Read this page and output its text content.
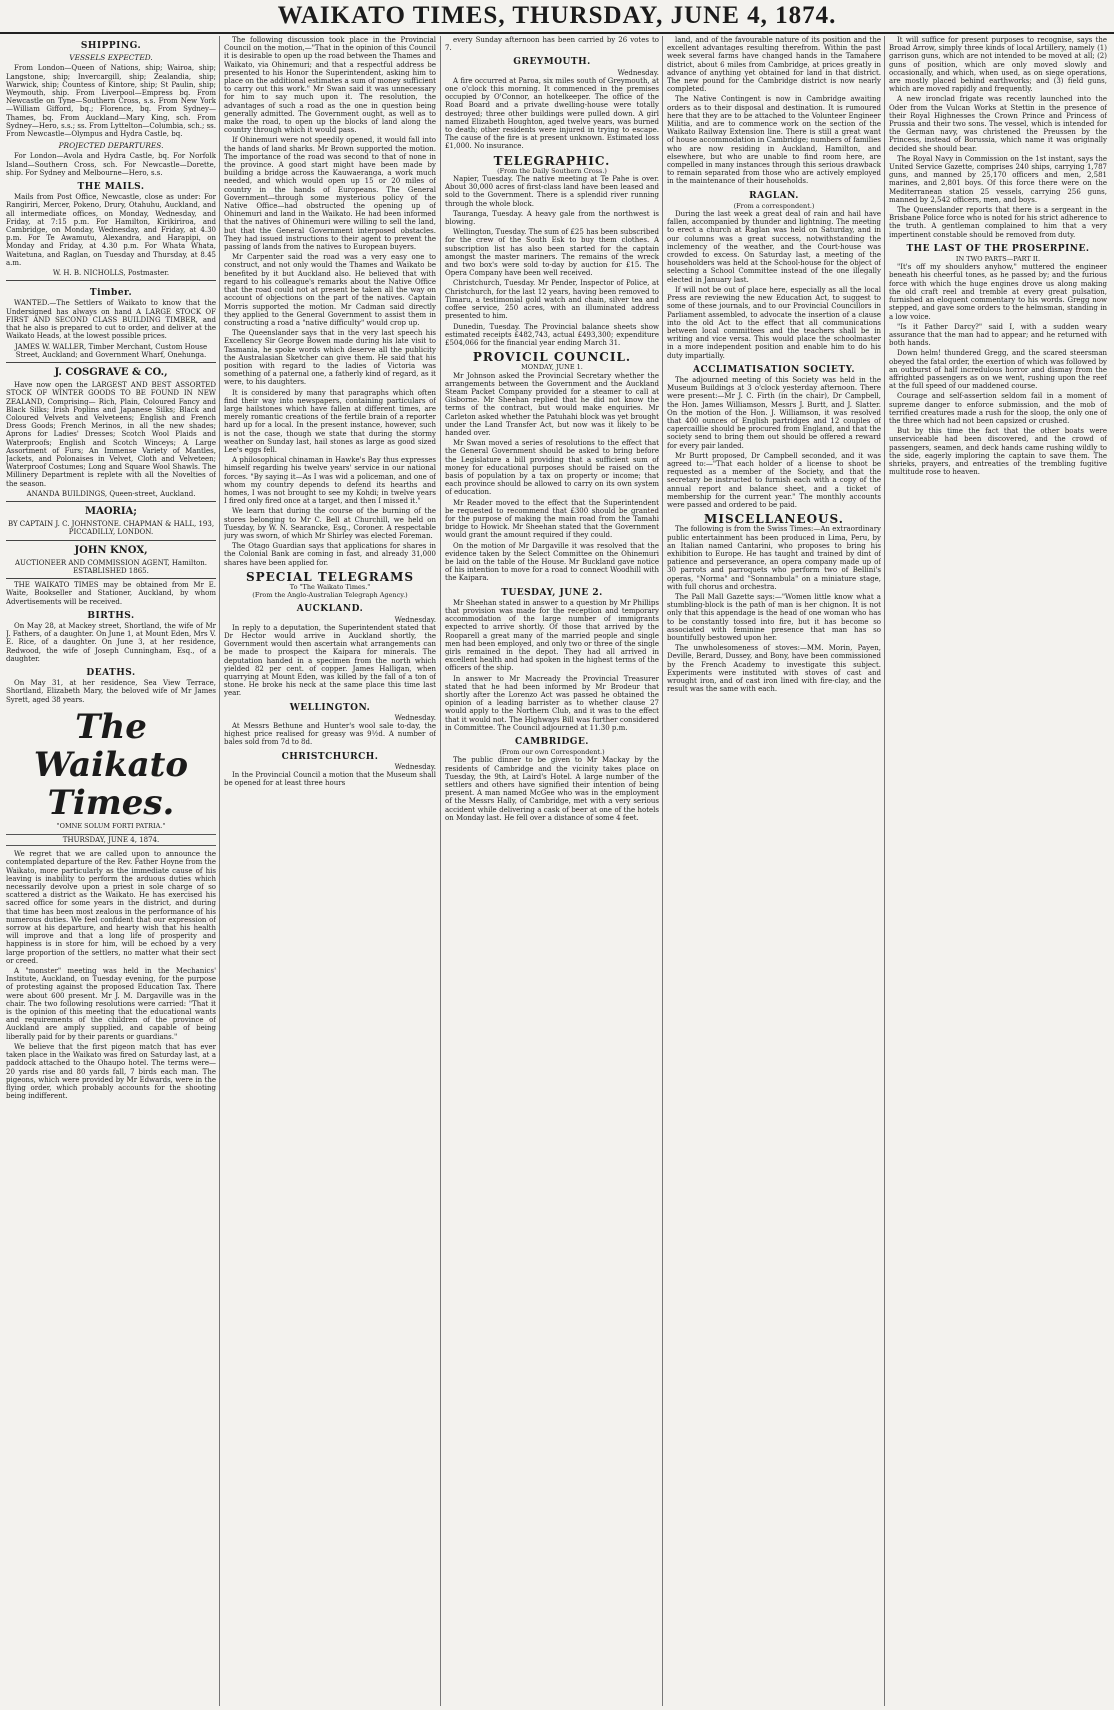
WAIKATO TIMES, THURSDAY, JUNE 4, 1874.
SHIPPING.
VESSELS EXPECTED.

From London—Queen of Nations, ship; Wairoa, ship; Langstone, ship; Invercargill, ship; Zealandia, ship; Warwick, ship; Countess of Kintore, ship; St Paulin, ship; Weymouth, ship. From Liverpool—Empress bq. From Newcastle on Tyne—Southern Cross, s.s. From New York—William Gifford, bq.; Florence, bq. From Sydney—Thames, bq. From Auckland—Mary King, sch. From Sydney—Hero, s.s.; ss. From Lyttelton—Columbia, sch.; ss. From Newcastle—Olympus and Hydra Castle, bq.

PROJECTED DEPARTURES.

For London—Avola and Hydra Castle, bq. For Norfolk Island—Southern Cross, sch. For Newcastle—Dorette, ship. For Sydney and Melbourne—Hero, s.s.

THE MAILS.

Mails from Post Office, Newcastle, close as under: For Rangiriri, Mercer, Pokeno, Drury, Otahuhu, Auckland, and all intermediate offices, on Monday, Wednesday, and Friday, at 7:15 p.m. For Hamilton, Kirikiriroa, and Cambridge, on Monday, Wednesday, and Friday, at 4.30 p.m. For Te Awamutu, Alexandra, and Harapipi, on Monday and Friday, at 4.30 p.m. For Whata Whata, Waitetuna, and Raglan, on Tuesday and Thursday, at 8.45 a.m.

W. H. B. NICHOLLS, Postmaster.

Timber.

WANTED.—The Settlers of Waikato to know that the Undersigned has always on hand A LARGE STOCK OF FIRST AND SECOND CLASS BUILDING TIMBER, and that he also is prepared to cut to order, and deliver at the Waikato Heads, at the lowest possible prices.

JAMES W. WALLER, Timber Merchant, Custom House Street, Auckland; and Government Wharf, Onehunga.

J. COSGRAVE & CO.,

Have now open the LARGEST AND BEST ASSORTED STOCK OF WINTER GOODS TO BE FOUND IN NEW ZEALAND, Comprising— Rich, Plain, Coloured Fancy and Black Silks; Irish Poplins and Japanese Silks; Black and Coloured Velvets and Velveteens; English and French Dress Goods; French Merinos, in all the new shades; Aprons for Ladies' Dresses; Scotch Wool Plaids and Waterproofs; English and Scotch Winceys; A Large Assortment of Furs; An Immense Variety of Mantles, Jackets, and Polonaises in Velvet, Cloth and Velveteen; Waterproof Costumes; Long and Square Wool Shawls. The Millinery Department is replete with all the Novelties of the season.

ANANDA BUILDINGS, Queen-street, Auckland.

MAORIA;

BY CAPTAIN J. C. JOHNSTONE. CHAPMAN & HALL, 193, PICCADILLY, LONDON.

JOHN KNOX,

AUCTIONEER AND COMMISSION AGENT, Hamilton. ESTABLISHED 1865.

THE WAIKATO TIMES may be obtained from Mr E. Waite, Bookseller and Stationer, Auckland, by whom Advertisements will be received.

BIRTHS.

On May 28, at Mackey street, Shortland, the wife of Mr J. Fathers, of a daughter. On June 1, at Mount Eden, Mrs V. E. Rice, of a daughter. On June 3, at her residence, Redwood, the wife of Joseph Cunningham, Esq., of a daughter.

DEATHS.

On May 31, at her residence, Sea View Terrace, Shortland, Elizabeth Mary, the beloved wife of Mr James Syrett, aged 38 years.

The Waikato Times.
"OMNE SOLUM FORTI PATRIA."
THURSDAY, JUNE 4, 1874.

We regret that we are called upon to announce the contemplated departure of the Rev. Father Hoyne from the Waikato, more particularly as the immediate cause of his leaving is inability to perform the arduous duties which necessarily devolve upon a priest in sole charge of so scattered a district as the Waikato. He has exercised his sacred office for some years in the district, and during that time has been most zealous in the performance of his numerous duties. We feel confident that our expression of sorrow at his departure, and hearty wish that his health will improve and that a long life of prosperity and happiness is in store for him, will be echoed by a very large proportion of the settlers, no matter what their sect or creed.

A "monster" meeting was held in the Mechanics' Institute, Auckland, on Tuesday evening, for the purpose of protesting against the proposed Education Tax. There were about 600 present. Mr J. M. Dargaville was in the chair. The two following resolutions were carried: "That it is the opinion of this meeting that the educational wants and requirements of the children of the province of Auckland are amply supplied, and capable of being liberally paid for by their parents or guardians."

We believe that the first pigeon match that has ever taken place in the Waikato was fired on Saturday last, at a paddock attached to the Ohaupo hotel. The terms were—20 yards rise and 80 yards fall, 7 birds each man. The pigeons, which were provided by Mr Edwards, were in the flying order, which probably accounts for the shooting being indifferent.

The following discussion took place in the Provincial Council on the motion,—"That in the opinion of this Council it is desirable to open up the road between the Thames and Waikato, via Ohinemuri; and that a respectful address be presented to his Honor the Superintendent, asking him to place on the additional estimates a sum of money sufficient to carry out this work." Mr Swan said it was unnecessary for him to say much upon it. The resolution, the advantages of such a road as the one in question being generally admitted. The Government ought, as well as to make the road, to open up the blocks of land along the country through which it would pass.

If Ohinemuri were not speedily opened, it would fall into the hands of land sharks. Mr Brown supported the motion. The importance of the road was second to that of none in the province. A good start might have been made by building a bridge across the Kauwaeranga, a work much needed, and which would open up 15 or 20 miles of country in the hands of Europeans. The General Government—through some mysterious policy of the Native Office—had obstructed the opening up of Ohinemuri and land in the Waikato. He had been informed that the natives of Ohinemuri were willing to sell the land, but that the General Government interposed obstacles. They had issued instructions to their agent to prevent the passing of lands from the natives to European buyers.

Mr Carpenter said the road was a very easy one to construct, and not only would the Thames and Waikato be benefited by it but Auckland also. He believed that with regard to his colleague's remarks about the Native Office that the road could not at present be taken all the way on account of objections on the part of the natives. Captain Morris supported the motion. Mr Cadman said directly they applied to the General Government to assist them in constructing a road a "native difficulty" would crop up.

The Queenslander says that in the very last speech his Excellency Sir George Bowen made during his late visit to Tasmania, he spoke words which deserve all the publicity the Australasian Sketcher can give them. He said that his position with regard to the ladies of Victoria was something of a paternal one, a fatherly kind of regard, as it were, to his daughters.

It is considered by many that paragraphs which often find their way into newspapers, containing particulars of large hailstones which have fallen at different times, are merely romantic creations of the fertile brain of a reporter hard up for a local. In the present instance, however, such is not the case, though we state that during the stormy weather on Sunday last, hail stones as large as good sized Lee's eggs fell.

A philosophical chinaman in Hawke's Bay thus expresses himself regarding his twelve years' service in our national forces. "By saying it—As I was wid a policeman, and one of whom my country depends to defend its hearths and homes, I was not brought to see my Kohdi; in twelve years I fired only fired once at a target, and then I missed it."

We learn that during the course of the burning of the stores belonging to Mr C. Bell at Churchill, we held on Tuesday, by W. N. Searancke, Esq., Coroner. A respectable jury was sworn, of which Mr Shirley was elected Foreman.

The Otago Guardian says that applications for shares in the Colonial Bank are coming in fast, and already 31,000 shares have been applied for.

SPECIAL TELEGRAMS
To "The Waikato Times."
(From the Anglo-Australian Telegraph Agency.)
AUCKLAND.
Wednesday.

In reply to a deputation, the Superintendent stated that Dr Hector would arrive in Auckland shortly, the Government would then ascertain what arrangements can be made to prospect the Kaipara for minerals. The deputation handed in a specimen from the north which yielded 82 per cent. of copper. James Halligan, when quarrying at Mount Eden, was killed by the fall of a ton of stone. He broke his neck at the same place this time last year.

WELLINGTON.
Wednesday.

At Messrs Bethune and Hunter's wool sale to-day, the highest price realised for greasy was 9½d. A number of bales sold from 7d to 8d.

CHRISTCHURCH.
Wednesday.

In the Provincial Council a motion that the Museum shall be opened for at least three hours

every Sunday afternoon has been carried by 26 votes to 7.

GREYMOUTH.
Wednesday.

A fire occurred at Paroa, six miles south of Greymouth, at one o'clock this morning. It commenced in the premises occupied by O'Connor, an hotelkeeper. The office of the Road Board and a private dwelling-house were totally destroyed; three other buildings were pulled down. A girl named Elizabeth Houghton, aged twelve years, was burned to death; other residents were injured in trying to escape. The cause of the fire is at present unknown. Estimated loss £1,000. No insurance.

TELEGRAPHIC.
(From the Daily Southern Cross.)

Napier, Tuesday. The native meeting at Te Pahe is over. About 30,000 acres of first-class land have been leased and sold to the Government. There is a splendid river running through the whole block.

Tauranga, Tuesday. A heavy gale from the northwest is blowing.

Wellington, Tuesday. The sum of £25 has been subscribed for the crew of the South Esk to buy them clothes. A subscription list has also been started for the captain amongst the master mariners. The remains of the wreck and two box's were sold to-day by auction for £15. The Opera Company have been well received.

Christchurch, Tuesday. Mr Pender, Inspector of Police, at Christchurch, for the last 12 years, having been removed to Timaru, a testimonial gold watch and chain, silver tea and coffee service, 250 acres, with an illuminated address presented to him.

Dunedin, Tuesday. The Provincial balance sheets show estimated receipts £482,743, actual £493,300; expenditure £504,066 for the financial year ending March 31.

PROVICIL COUNCIL.
MONDAY, JUNE 1.

Mr Johnson asked the Provincial Secretary whether the arrangements between the Government and the Auckland Steam Packet Company provided for a steamer to call at Gisborne. Mr Sheehan replied that he did not know the terms of the contract, but would make enquiries. Mr Carleton asked whether the Patuhahi block was yet brought under the Land Transfer Act, but now was it likely to be handed over.

Mr Swan moved a series of resolutions to the effect that the General Government should be asked to bring before the Legislature a bill providing that a sufficient sum of money for educational purposes should be raised on the basis of population by a tax on property or income; that each province should be allowed to carry on its own system of education.

Mr Reader moved to the effect that the Superintendent be requested to recommend that £300 should be granted for the purpose of making the main road from the Tamahi bridge to Howick. Mr Sheehan stated that the Government would grant the amount required if they could.

On the motion of Mr Dargaville it was resolved that the evidence taken by the Select Committee on the Ohinemuri be laid on the table of the House. Mr Buckland gave notice of his intention to move for a road to connect Woodhill with the Kaipara.

TUESDAY, JUNE 2.

Mr Sheehan stated in answer to a question by Mr Phillips that provision was made for the reception and temporary accommodation of the large number of immigrants expected to arrive shortly. Of those that arrived by the Rooparell a great many of the married people and single men had been employed, and only two or three of the single girls remained in the depot. They had all arrived in excellent health and had spoken in the highest terms of the officers of the ship.

In answer to Mr Macready the Provincial Treasurer stated that he had been informed by Mr Brodeur that shortly after the Lorenzo Act was passed he obtained the opinion of a leading barrister as to whether clause 27 would apply to the Northern Club, and it was to the effect that it would not. The Highways Bill was further considered in Committee. The Council adjourned at 11.30 p.m.

CAMBRIDGE.
(From our own Correspondent.)

The public dinner to be given to Mr Mackay by the residents of Cambridge and the vicinity takes place on Tuesday, the 9th, at Laird's Hotel. A large number of the settlers and others have signified their intention of being present. A man named McGee who was in the employment of the Messrs Hally, of Cambridge, met with a very serious accident while delivering a cask of beer at one of the hotels on Monday last. He fell over a distance of some 4 feet.

land, and of the favourable nature of its position and the excellent advantages resulting therefrom. Within the past week several farms have changed hands in the Tamahere district, about 6 miles from Cambridge, at prices greatly in advance of anything yet obtained for land in that district. The new pound for the Cambridge district is now nearly completed.

The Native Contingent is now in Cambridge awaiting orders as to their disposal and destination. It is rumoured here that they are to be attached to the Volunteer Engineer Militia, and are to commence work on the section of the Waikato Railway Extension line. There is still a great want of house accommodation in Cambridge; numbers of families who are now residing in Auckland, Hamilton, and elsewhere, but who are unable to find room here, are compelled in many instances through this serious drawback to remain separated from those who are actively employed in the maintenance of their households.

RAGLAN.
(From a correspondent.)

During the last week a great deal of rain and hail have fallen, accompanied by thunder and lightning. The meeting to erect a church at Raglan was held on Saturday, and in our columns was a great success, notwithstanding the inclemency of the weather, and the Court-house was crowded to excess. On Saturday last, a meeting of the householders was held at the School-house for the object of selecting a School Committee instead of the one illegally elected in January last.

If will not be out of place here, especially as all the local Press are reviewing the new Education Act, to suggest to some of these journals, and to our Provincial Councillors in Parliament assembled, to advocate the insertion of a clause into the old Act to the effect that all communications between local committees and the teachers shall be in writing and vice versa. This would place the schoolmaster in a more independent position and enable him to do his duty impartially.

ACCLIMATISATION SOCIETY.

The adjourned meeting of this Society was held in the Museum Buildings at 3 o'clock yesterday afternoon. There were present:—Mr J. C. Firth (in the chair), Dr Campbell, the Hon. James Williamson, Messrs J. Burtt, and J. Slatter. On the motion of the Hon. J. Williamson, it was resolved that 400 ounces of English partridges and 12 couples of capercaillie should be procured from England, and that the society send to bring them out should be offered a reward for every pair landed.

Mr Burtt proposed, Dr Campbell seconded, and it was agreed to:—"That each holder of a license to shoot be requested as a member of the Society, and that the secretary be instructed to furnish each with a copy of the annual report and balance sheet, and a ticket of membership for the current year." The monthly accounts were passed and ordered to be paid.

MISCELLANEOUS.

The following is from the Swiss Times:—An extraordinary public entertainment has been produced in Lima, Peru, by an Italian named Cantarini, who proposes to bring his exhibition to Europe. He has taught and trained by dint of patience and perseverance, an opera company made up of 30 parrots and parroquets who perform two of Bellini's operas, "Norma" and "Sonnambula" on a miniature stage, with full chorus and orchestra.

The Pall Mall Gazette says:—"Women little know what a stumbling-block is the path of man is her chignon. It is not only that this appendage is the head of one woman who has to be constantly tossed into fire, but it has become so associated with feminine presence that man has so bountifully bestowed upon her.

The unwholesomeness of stoves:—MM. Morin, Payen, Deville, Berard, Dussey, and Bony, have been commissioned by the French Academy to investigate this subject. Experiments were instituted with stoves of cast and wrought iron, and of cast iron lined with fire-clay, and the result was the same with each.

It will suffice for present purposes to recognise, says the Broad Arrow, simply three kinds of local Artillery, namely (1) garrison guns, which are not intended to be moved at all; (2) guns of position, which are only moved slowly and occasionally, and which, when used, as on siege operations, are mostly placed behind earthworks; and (3) field guns, which are moved rapidly and frequently.

A new ironclad frigate was recently launched into the Oder from the Vulcan Works at Stettin in the presence of their Royal Highnesses the Crown Prince and Princess of Prussia and their two sons. The vessel, which is intended for the German navy, was christened the Preussen by the Princess, instead of Borussia, which name it was originally decided she should bear.

The Royal Navy in Commission on the 1st instant, says the United Service Gazette, comprises 240 ships, carrying 1,787 guns, and manned by 25,170 officers and men, 2,581 marines, and 2,801 boys. Of this force there were on the Mediterranean station 25 vessels, carrying 256 guns, manned by 2,542 officers, men, and boys.

The Queenslander reports that there is a sergeant in the Brisbane Police force who is noted for his strict adherence to the truth. A gentleman complained to him that a very impertinent constable should be removed from duty.

THE LAST OF THE PROSERPINE.
IN TWO PARTS—PART II.

"It's off my shoulders anyhow," muttered the engineer beneath his cheerful tones, as he passed by; and the furious force with which the huge engines drove us along making the old craft reel and tremble at every great pulsation, furnished an eloquent commentary to his words. Gregg now stepped, and gave some orders to the helmsman, standing in a low voice.

"Is it Father Darcy?" said I, with a sudden weary assurance that the man had to appear; and he returned with both hands.

Down helm! thundered Gregg, and the scared steersman obeyed the fatal order, the exertion of which was followed by an outburst of half incredulous horror and dismay from the affrighted passengers as on we went, rushing upon the reef at the full speed of our maddened course.

Courage and self-assertion seldom fail in a moment of supreme danger to enforce submission, and the mob of terrified creatures made a rush for the sloop, the only one of the three which had not been capsized or crushed.

But by this time the fact that the other boats were unserviceable had been discovered, and the crowd of passengers, seamen, and deck hands came rushing wildly to the side, eagerly imploring the captain to save them. The shrieks, prayers, and entreaties of the trembling fugitive multitude rose to heaven.
